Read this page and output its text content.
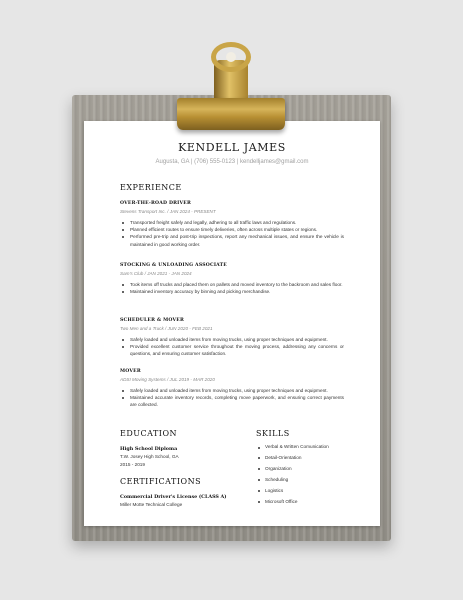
KENDELL JAMES
Augusta, GA | (706) 555-0123 | kendelljames@gmail.com
EXPERIENCE
OVER-THE-ROAD DRIVER
Stevens Transport Inc. / JAN 2024 - PRESENT
Transported freight safely and legally, adhering to all traffic laws and regulations.
Planned efficient routes to ensure timely deliveries, often across multiple states or regions.
Performed pre-trip and post-trip inspections, report any mechanical issues, and ensure the vehicle is maintained in good working order.
STOCKING & UNLOADING ASSOCIATE
Sam's Club / JAN 2021 - JAN 2024
Took items off trucks and placed them on pallets and moved inventory to the backroom and sales floor.
Maintained inventory accuracy by binning and picking merchandise.
SCHEDULER & MOVER
Two Men and a Truck / JUN 2020 - FEB 2021
Safely loaded and unloaded items from moving trucks, using proper techniques and equipment.
Provided excellent customer service throughout the moving process, addressing any concerns or questions, and ensuring customer satisfaction.
MOVER
ADSI Moving Systems / JUL 2019 - MAR 2020
Safely loaded and unloaded items from moving trucks, using proper techniques and equipment.
Maintained accurate inventory records, completing move paperwork, and ensuring correct payments are collected.
EDUCATION
High School Diploma
T.W. Josey High School, GA
2015 - 2019
CERTIFICATIONS
Commercial Driver's License (CLASS A)
Miller Motte Technical College
SKILLS
Verbal & Written Comunication
Detail-Orientation
Organization
Scheduling
Logistics
Microsoft Office
